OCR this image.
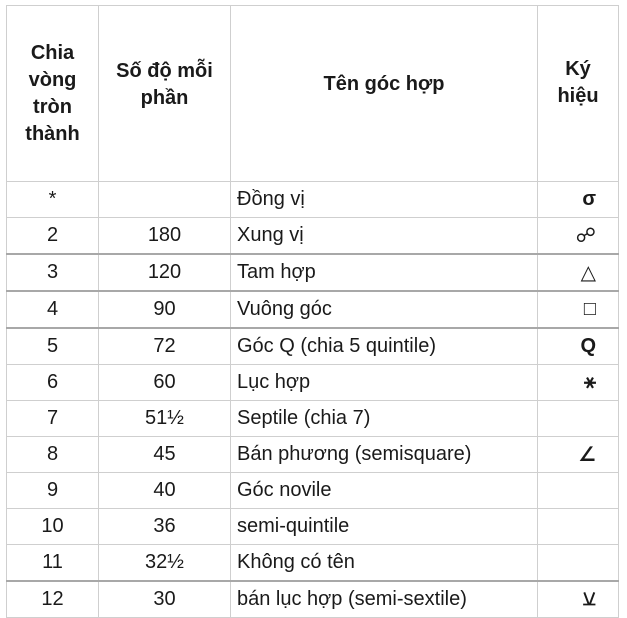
Chia vòng tròn thành	Số độ mỗi phần	Tên góc hợp	Ký hiệu
*		Đồng vị	σ
2	180	Xung vị	☍
3	120	Tam hợp	△
4	90	Vuông góc	□
5	72	Góc Q (chia 5 quintile)	Q
6	60	Lục hợp	⚹
7	51½	Septile (chia 7)	
8	45	Bán phương (semisquare)	∠
9	40	Góc novile	
10	36	semi-quintile	
11	32½	Không có tên	
12	30	bán lục hợp (semi-sextile)	⚺
